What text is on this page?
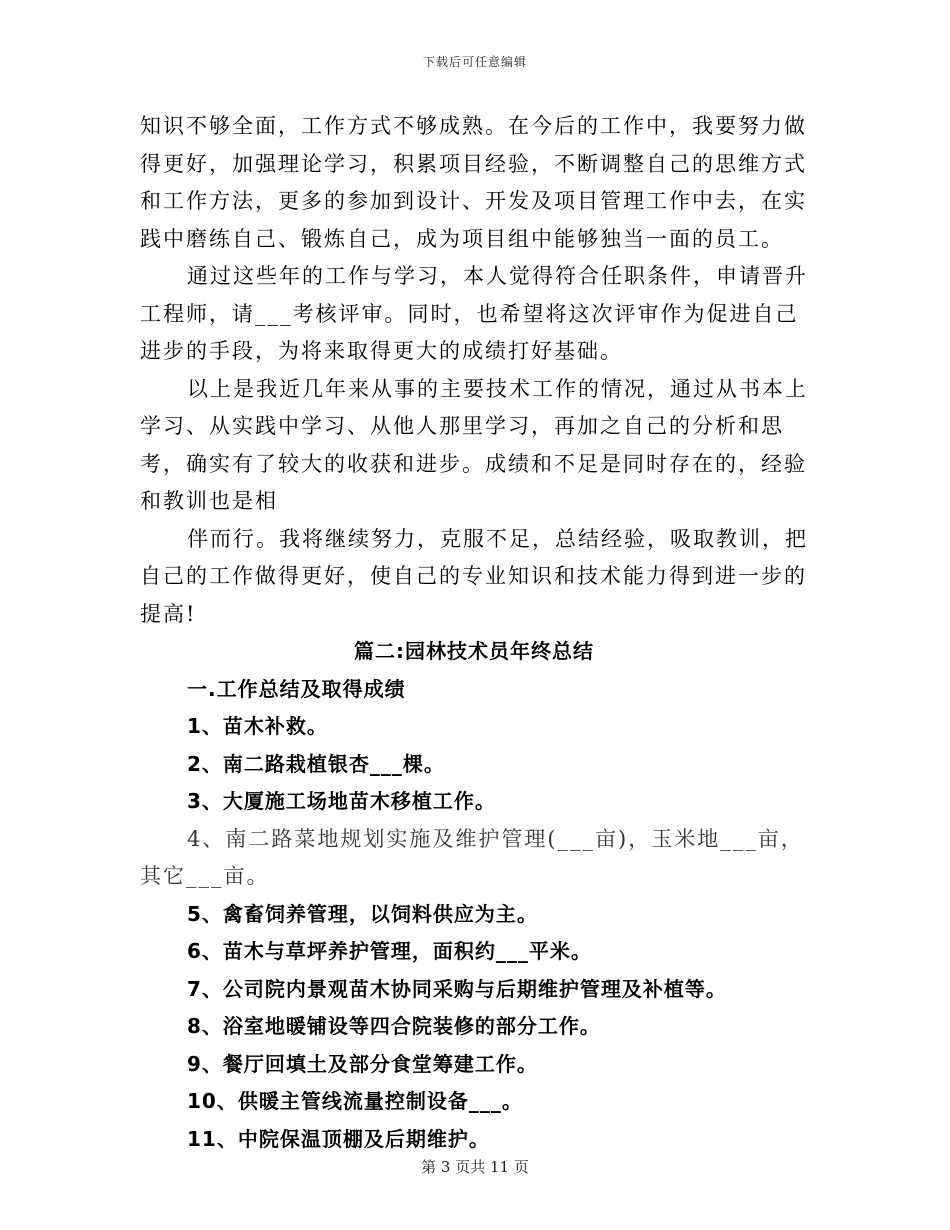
下载后可任意编辑

知识不够全面，工作方式不够成熟。在今后的工作中，我要努力做得更好，加强理论学习，积累项目经验，不断调整自己的思维方式和工作方法，更多的参加到设计、开发及项目管理工作中去，在实践中磨练自己、锻炼自己，成为项目组中能够独当一面的员工。

通过这些年的工作与学习，本人觉得符合任职条件，申请晋升工程师，请___考核评审。同时，也希望将这次评审作为促进自己进步的手段，为将来取得更大的成绩打好基础。

以上是我近几年来从事的主要技术工作的情况，通过从书本上学习、从实践中学习、从他人那里学习，再加之自己的分析和思考，确实有了较大的收获和进步。成绩和不足是同时存在的，经验和教训也是相

伴而行。我将继续努力，克服不足，总结经验，吸取教训，把自己的工作做得更好，使自己的专业知识和技术能力得到进一步的提高!

篇二:园林技术员年终总结

一.工作总结及取得成绩

1、苗木补救。

2、南二路栽植银杏___棵。

3、大厦施工场地苗木移植工作。

4、南二路菜地规划实施及维护管理(___亩)，玉米地___亩，其它___亩。

5、禽畜饲养管理，以饲料供应为主。

6、苗木与草坪养护管理，面积约___平米。

7、公司院内景观苗木协同采购与后期维护管理及补植等。

8、浴室地暖铺设等四合院装修的部分工作。

9、餐厅回填土及部分食堂筹建工作。

10、供暖主管线流量控制设备___。

11、中院保温顶棚及后期维护。

第 3 页共 11 页
